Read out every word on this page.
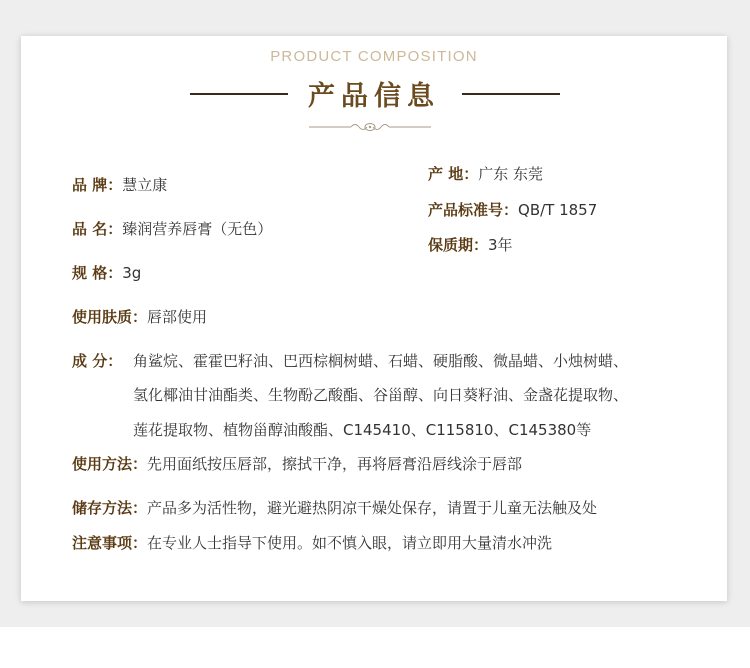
PRODUCT COMPOSITION
产品信息
品 牌：慧立康
品 名：臻润营养唇膏（无色）
规 格：3g
使用肤质：唇部使用
产 地：广东 东莞
产品标准号：QB/T 1857
保质期：3年
成 分： 角鲨烷、霍霍巴籽油、巴西棕榈树蜡、石蜡、硬脂酸、微晶蜡、小烛树蜡、
氢化椰油甘油酯类、生物酚乙酸酯、谷甾醇、向日葵籽油、金盏花提取物、
莲花提取物、植物甾醇油酸酯、C145410、C115810、C145380等
使用方法：先用面纸按压唇部，擦拭干净，再将唇膏沿唇线涂于唇部
储存方法：产品多为活性物，避光避热阴凉干燥处保存，请置于儿童无法触及处
注意事项：在专业人士指导下使用。如不慎入眼，请立即用大量清水冲洗
